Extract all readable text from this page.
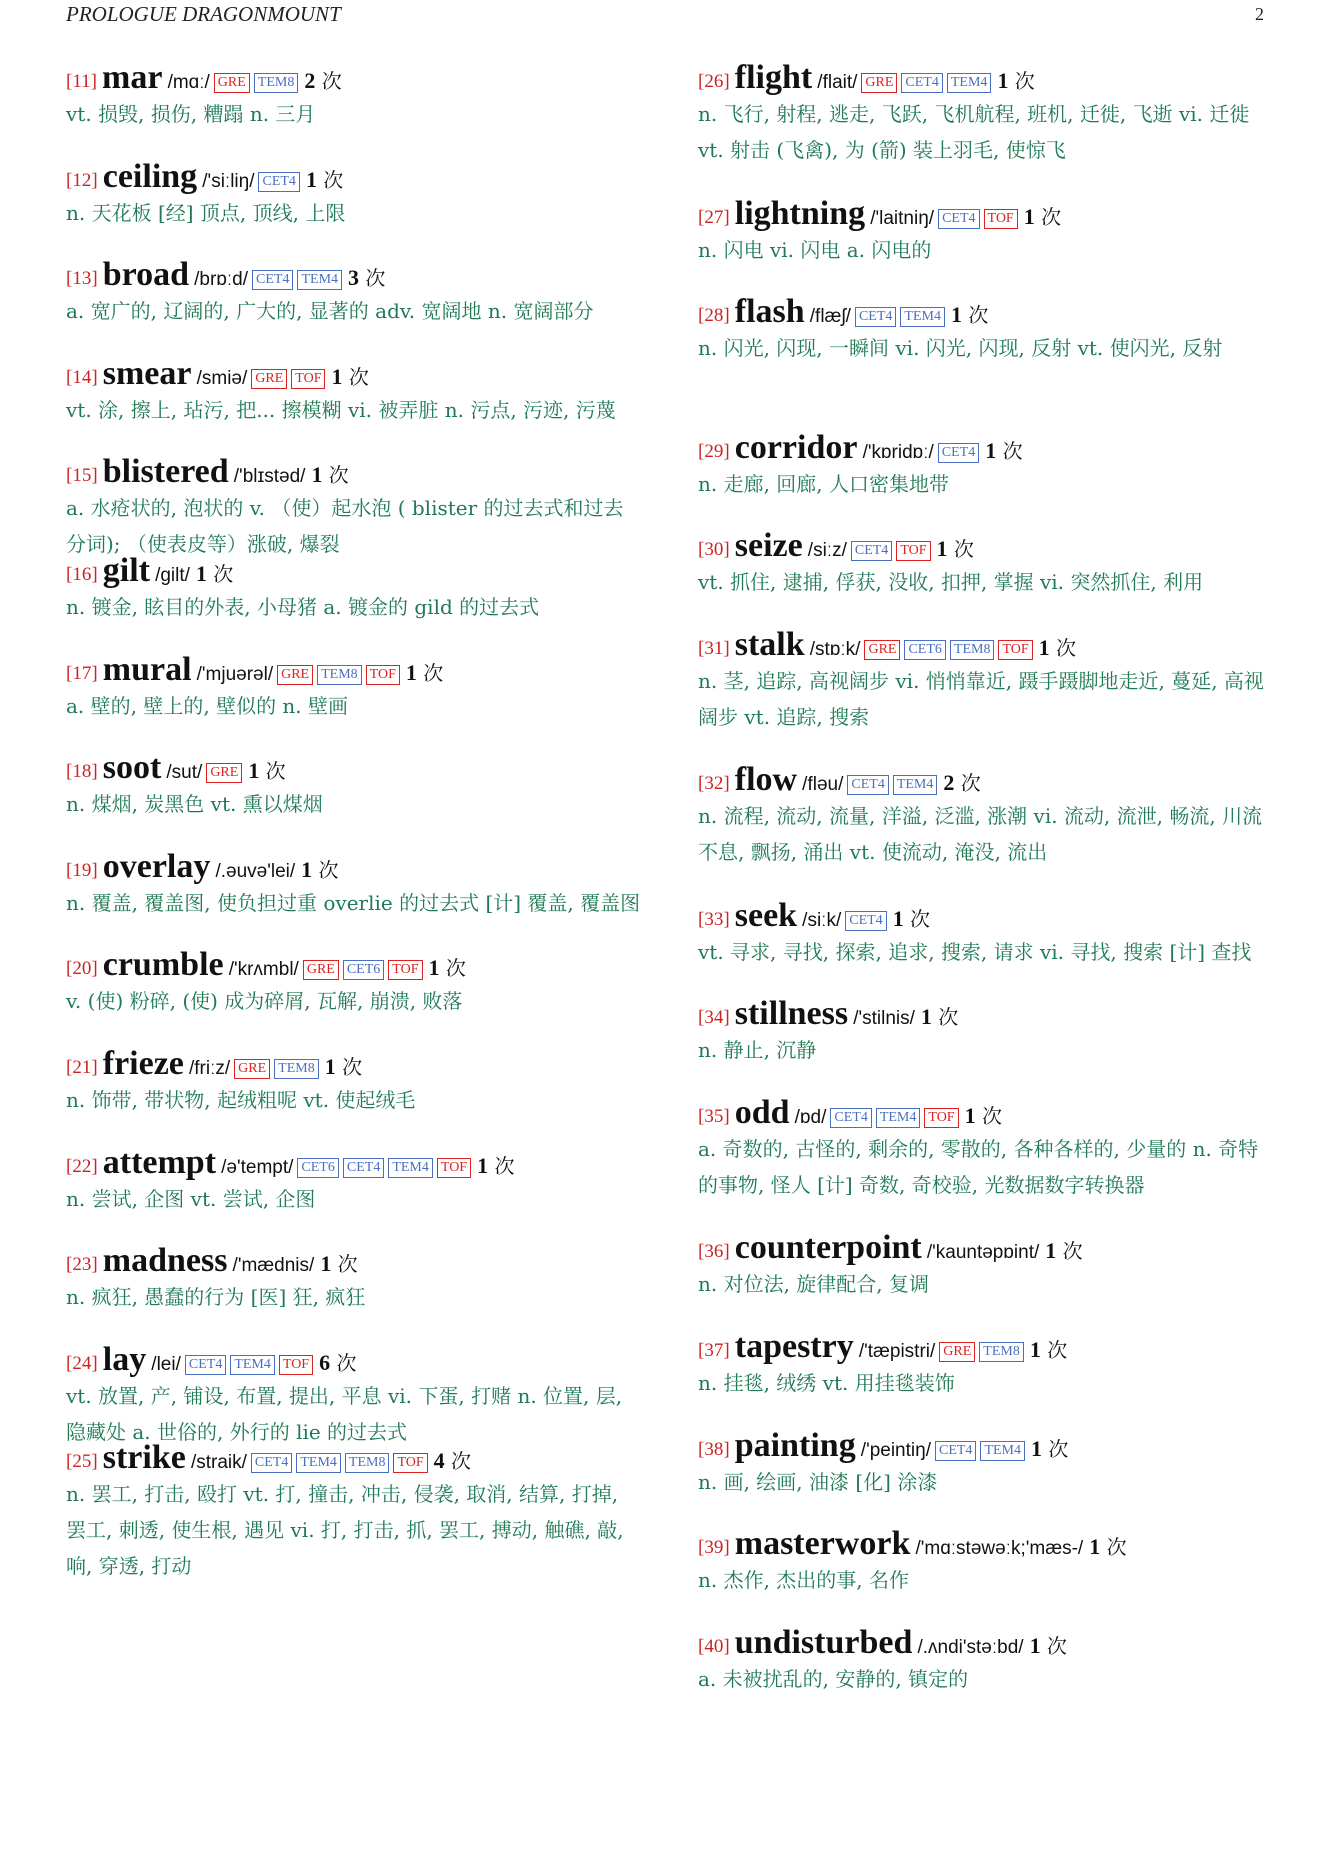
PROLOGUE DRAGONMOUNT	2
[11] mar /mɑː/ GRE TEM8 2 次
vt. 损毁, 损伤, 糟蹋 n. 三月
[12] ceiling /'siːliŋ/ CET4 1 次
n. 天花板 [经] 顶点, 顶线, 上限
[13] broad /brɒːd/ CET4 TEM4 3 次
a. 宽广的, 辽阔的, 广大的, 显著的 adv. 宽阔地 n. 宽阔部分
[14] smear /smiə/ GRE TOF 1 次
vt. 涂, 擦上, 玷污, 把... 擦模糊 vi. 被弄脏 n. 污点, 污迹, 污蔑
[15] blistered /'blɪstəd/ 1 次
a. 水疮状的, 泡状的 v. （使）起水泡 ( blister 的过去式和过去分词); （使表皮等）涨破, 爆裂
[16] gilt /gilt/ 1 次
n. 镀金, 眩目的外表, 小母猪 a. 镀金的 gild 的过去式
[17] mural /'mjuərəl/ GRE TEM8 TOF 1 次
a. 壁的, 壁上的, 壁似的 n. 壁画
[18] soot /sut/ GRE 1 次
n. 煤烟, 炭黑色 vt. 熏以煤烟
[19] overlay /.əuvə'lei/ 1 次
n. 覆盖, 覆盖图, 使负担过重 overlie 的过去式 [计] 覆盖, 覆盖图
[20] crumble /'krʌmbl/ GRE CET6 TOF 1 次
v. (使) 粉碎, (使) 成为碎屑, 瓦解, 崩溃, 败落
[21] frieze /friːz/ GRE TEM8 1 次
n. 饰带, 带状物, 起绒粗呢 vt. 使起绒毛
[22] attempt /ə'tempt/ CET6 CET4 TEM4 TOF 1 次
n. 尝试, 企图 vt. 尝试, 企图
[23] madness /'mædnis/ 1 次
n. 疯狂, 愚蠢的行为 [医] 狂, 疯狂
[24] lay /lei/ CET4 TEM4 TOF 6 次
vt. 放置, 产, 铺设, 布置, 提出, 平息 vi. 下蛋, 打赌 n. 位置, 层, 隐藏处 a. 世俗的, 外行的 lie 的过去式
[25] strike /straik/ CET4 TEM4 TEM8 TOF 4 次
n. 罢工, 打击, 殴打 vt. 打, 撞击, 冲击, 侵袭, 取消, 结算, 打掉, 罢工, 刺透, 使生根, 遇见 vi. 打, 打击, 抓, 罢工, 搏动, 触礁, 敲, 响, 穿透, 打动
[26] flight /flait/ GRE CET4 TEM4 1 次
n. 飞行, 射程, 逃走, 飞跃, 飞机航程, 班机, 迁徙, 飞逝 vi. 迁徙 vt. 射击 (飞禽), 为 (箭) 装上羽毛, 使惊飞
[27] lightning /'laitniŋ/ CET4 TOF 1 次
n. 闪电 vi. 闪电 a. 闪电的
[28] flash /flæʃ/ CET4 TEM4 1 次
n. 闪光, 闪现, 一瞬间 vi. 闪光, 闪现, 反射 vt. 使闪光, 反射
[29] corridor /'kɒridɒː/ CET4 1 次
n. 走廊, 回廊, 人口密集地带
[30] seize /siːz/ CET4 TOF 1 次
vt. 抓住, 逮捕, 俘获, 没收, 扣押, 掌握 vi. 突然抓住, 利用
[31] stalk /stɒːk/ GRE CET6 TEM8 TOF 1 次
n. 茎, 追踪, 高视阔步 vi. 悄悄靠近, 蹑手蹑脚地走近, 蔓延, 高视阔步 vt. 追踪, 搜索
[32] flow /fləu/ CET4 TEM4 2 次
n. 流程, 流动, 流量, 洋溢, 泛滥, 涨潮 vi. 流动, 流泄, 畅流, 川流不息, 飘扬, 涌出 vt. 使流动, 淹没, 流出
[33] seek /siːk/ CET4 1 次
vt. 寻求, 寻找, 探索, 追求, 搜索, 请求 vi. 寻找, 搜索 [计] 查找
[34] stillness /'stilnis/ 1 次
n. 静止, 沉静
[35] odd /ɒd/ CET4 TEM4 TOF 1 次
a. 奇数的, 古怪的, 剩余的, 零散的, 各种各样的, 少量的 n. 奇特的事物, 怪人 [计] 奇数, 奇校验, 光数据数字转换器
[36] counterpoint /'kauntəpɒint/ 1 次
n. 对位法, 旋律配合, 复调
[37] tapestry /'tæpistri/ GRE TEM8 1 次
n. 挂毯, 绒绣 vt. 用挂毯装饰
[38] painting /'peintiŋ/ CET4 TEM4 1 次
n. 画, 绘画, 油漆 [化] 涂漆
[39] masterwork /'mɑːstəwəːk;'mæs-/ 1 次
n. 杰作, 杰出的事, 名作
[40] undisturbed /.ʌndi'stəːbd/ 1 次
a. 未被扰乱的, 安静的, 镇定的
